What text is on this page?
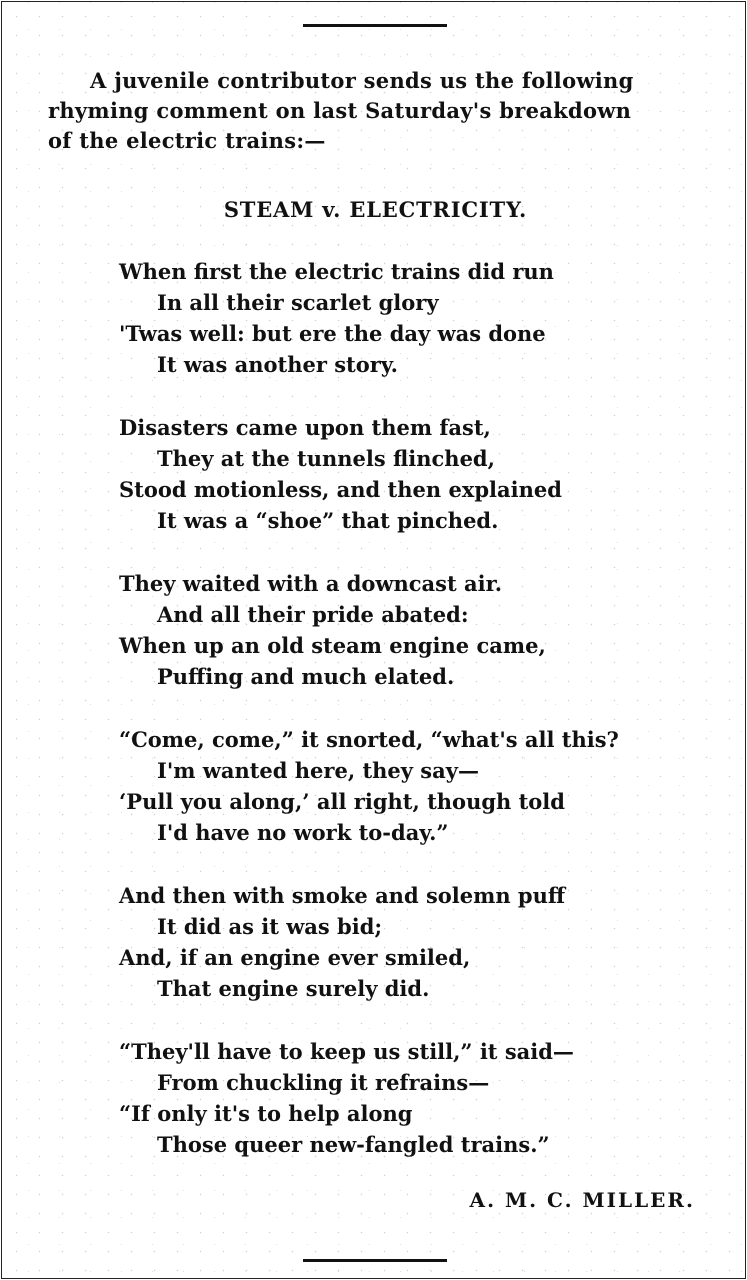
A juvenile contributor sends us the following
rhyming comment on last Saturday's breakdown
of the electric trains:—
STEAM v. ELECTRICITY.
When first the electric trains did run
In all their scarlet glory
'Twas well: but ere the day was done
It was another story.
Disasters came upon them fast,
They at the tunnels flinched,
Stood motionless, and then explained
It was a “shoe” that pinched.
They waited with a downcast air.
And all their pride abated:
When up an old steam engine came,
Puffing and much elated.
“Come, come,” it snorted, “what's all this?
I'm wanted here, they say—
‘Pull you along,’ all right, though told
I'd have no work to-day.”
And then with smoke and solemn puff
It did as it was bid;
And, if an engine ever smiled,
That engine surely did.
“They'll have to keep us still,” it said—
From chuckling it refrains—
“If only it's to help along
Those queer new-fangled trains.”
A. M. C. MILLER.
